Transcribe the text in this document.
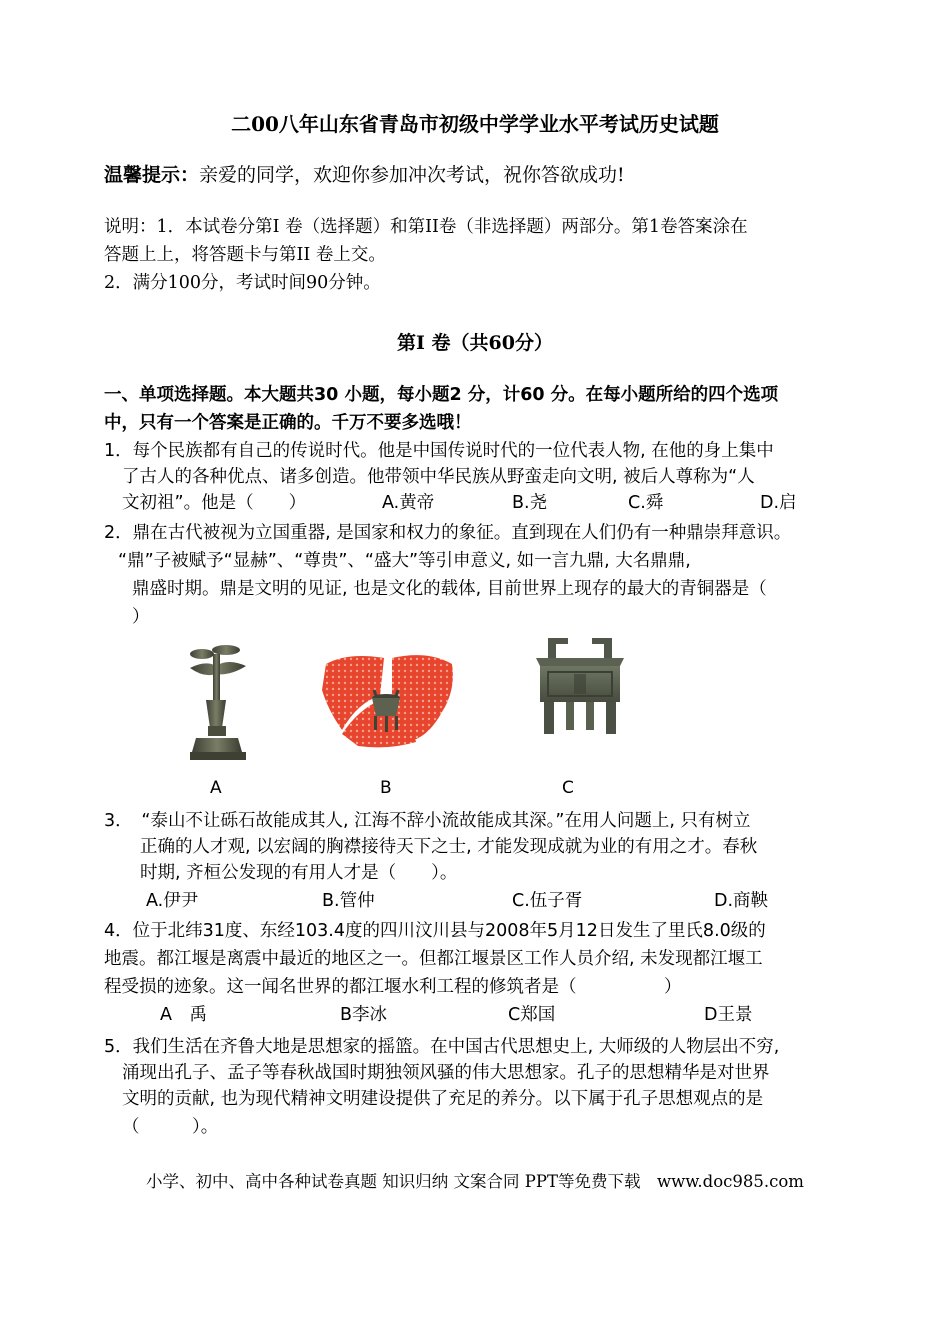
二00八年山东省青岛市初级中学学业水平考试历史试题
温馨提示：亲爱的同学，欢迎你参加冲次考试，祝你答欲成功!
说明：1．本试卷分第Ⅰ 卷（选择题）和第II卷（非选择题）两部分。第1卷答案涂在
答题上上，将答题卡与第II 卷上交。
2．满分100分，考试时间90分钟。
第Ⅰ 卷（共60分）
一、单项选择题。本大题共30 小题，每小题2 分，计60 分。在每小题所给的四个选项
中，只有一个答案是正确的。千万不要多选哦！
1．每个民族都有自己的传说时代。他是中国传说时代的一位代表人物, 在他的身上集中
了古人的各种优点、诸多创造。他带领中华民族从野蛮走向文明, 被后人尊称为“人
文初祖”。他是（　　）	A.黄帝	B.尧	C.舜	D.启
2．鼎在古代被视为立国重器, 是国家和权力的象征。直到现在人们仍有一种鼎崇拜意识。
“鼎”子被赋予“显赫”、“尊贵”、“盛大”等引申意义, 如一言九鼎, 大名鼎鼎,
鼎盛时期。鼎是文明的见证, 也是文化的载体, 目前世界上现存的最大的青铜器是（
）
A	B	C
3．　“泰山不让砾石故能成其人, 江海不辞小流故能成其深。”在用人问题上, 只有树立
正确的人才观, 以宏阔的胸襟接待天下之士, 才能发现成就为业的有用之才。春秋
时期, 齐桓公发现的有用人才是（　　）。
A.伊尹	B.管仲	C.伍子胥	D.商鞅
4．位于北纬31度、东经103.4度的四川汶川县与2008年5月12日发生了里氏8.0级的
地震。都江堰是离震中最近的地区之一。但都江堰景区工作人员介绍, 未发现都江堰工
程受损的迹象。这一闻名世界的都江堰水利工程的修筑者是（　　　　　）
A　禹	B李冰	C郑国	D王景
5．我们生活在齐鲁大地是思想家的摇篮。在中国古代思想史上, 大师级的人物层出不穷,
涌现出孔子、孟子等春秋战国时期独领风骚的伟大思想家。孔子的思想精华是对世界
文明的贡献, 也为现代精神文明建设提供了充足的养分。以下属于孔子思想观点的是
（　　　）。
小学、初中、高中各种试卷真题 知识归纳 文案合同 PPT等免费下载　www.doc985.com
